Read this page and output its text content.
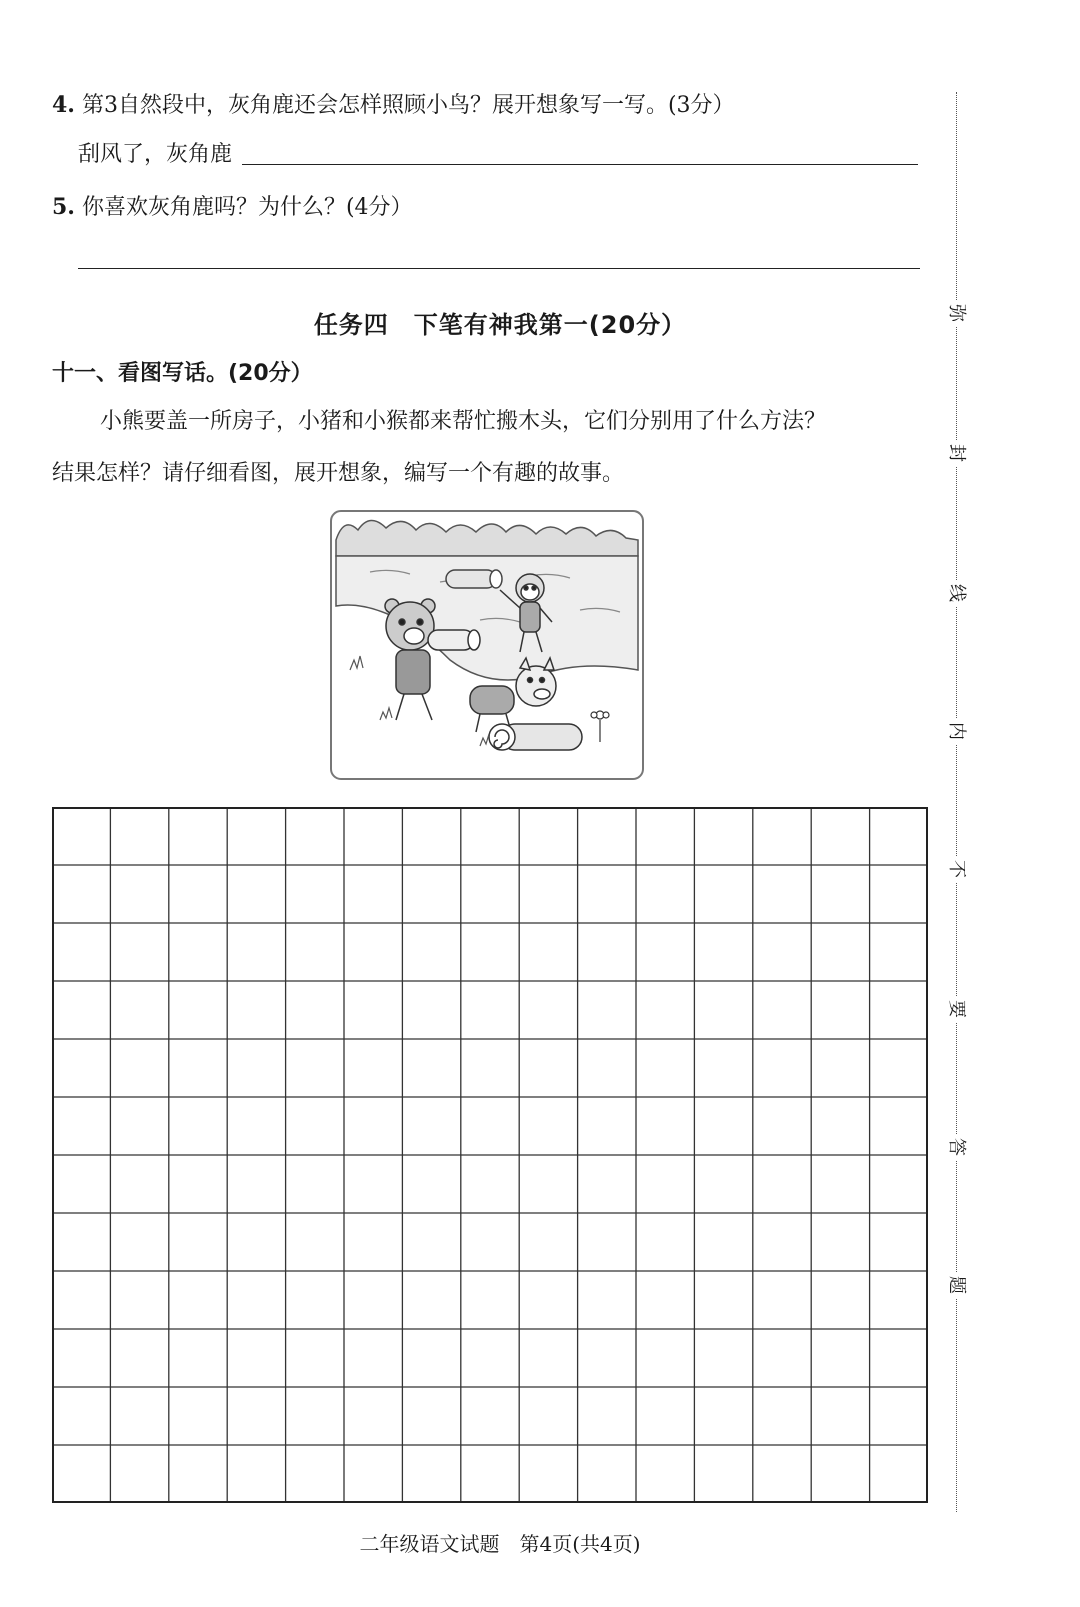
4. 第3自然段中，灰角鹿还会怎样照顾小鸟？展开想象写一写。(3分）
刮风了，灰角鹿
5. 你喜欢灰角鹿吗？为什么？(4分）
任务四　下笔有神我第一(20分）
十一、看图写话。(20分）
小熊要盖一所房子，小猪和小猴都来帮忙搬木头，它们分别用了什么方法？
结果怎样？请仔细看图，展开想象，编写一个有趣的故事。
弥
封
线
内
不
要
答
题
二年级语文试题　第4页(共4页)
